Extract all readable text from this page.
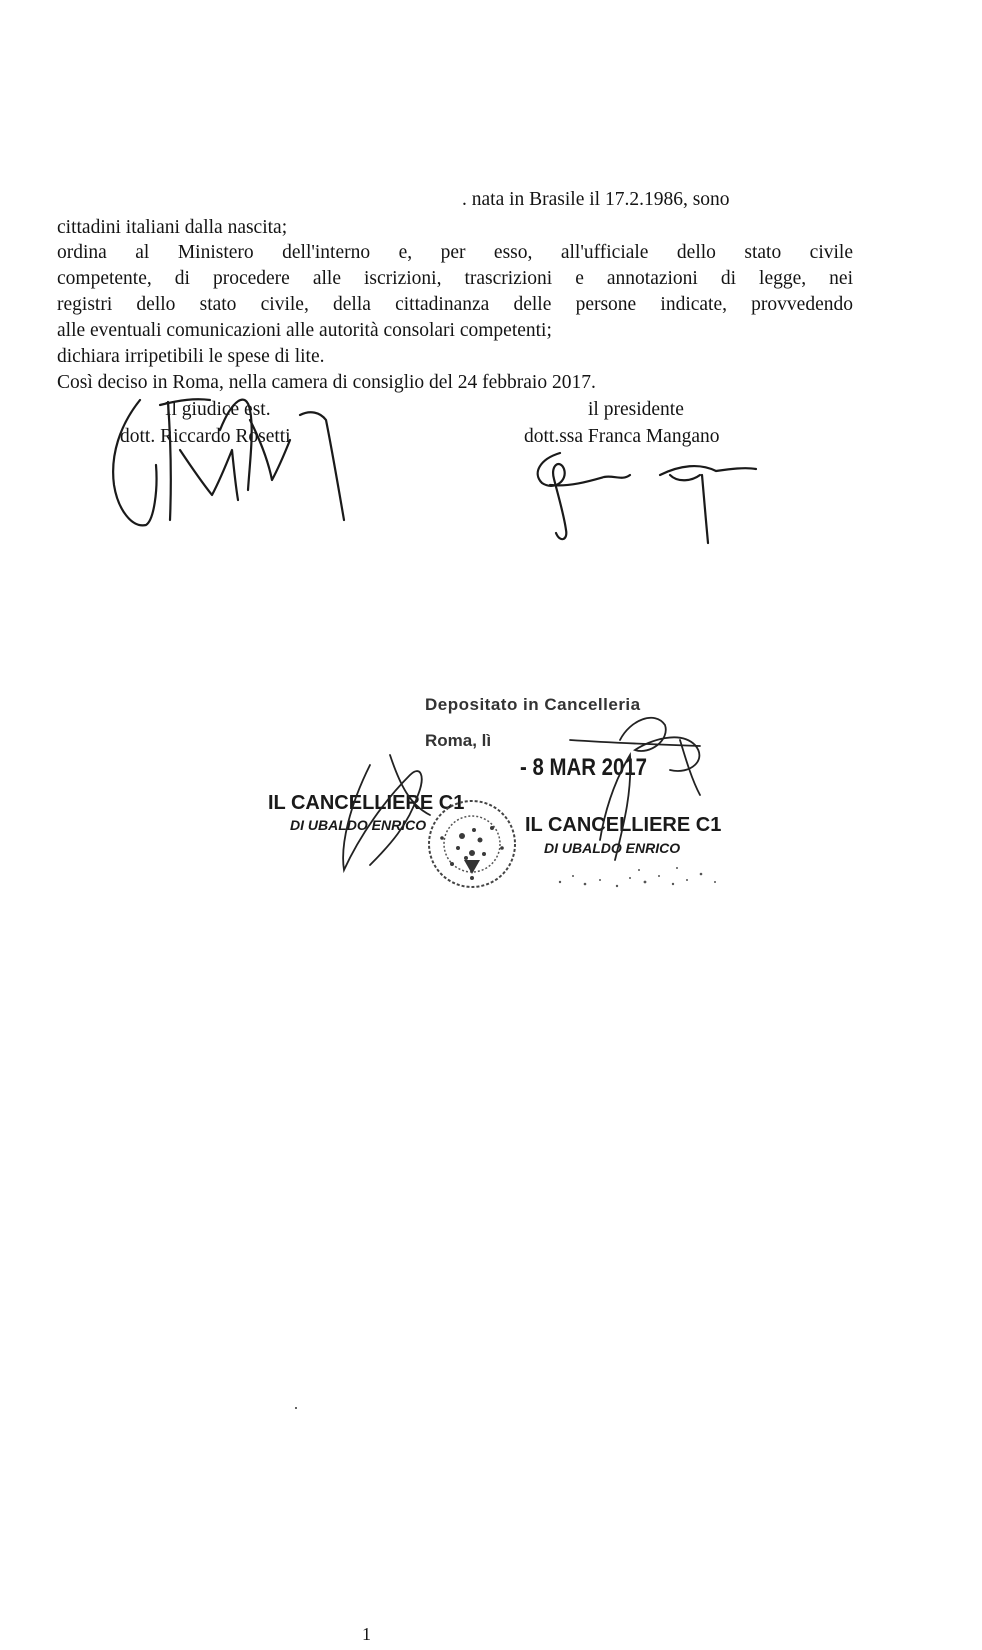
. nata in Brasile il 17.2.1986, sono
cittadini italiani dalla nascita;
ordina al Ministero dell'interno e, per esso, all'ufficiale dello stato civile
competente, di procedere alle iscrizioni, trascrizioni e annotazioni di legge, nei
registri dello stato civile, della cittadinanza delle persone indicate, provvedendo
alle eventuali comunicazioni alle autorità consolari competenti;
dichiara irripetibili le spese di lite.
Così deciso in Roma, nella camera di consiglio del 24 febbraio 2017.
Il giudice est.
dott. Riccardo Rosetti
il presidente
dott.ssa Franca Mangano
Depositato in Cancelleria
Roma, lì
- 8 MAR 2017
IL CANCELLIERE C1
DI UBALDO ENRICO	IL CANCELLIERE C1
DI UBALDO ENRICO
1
